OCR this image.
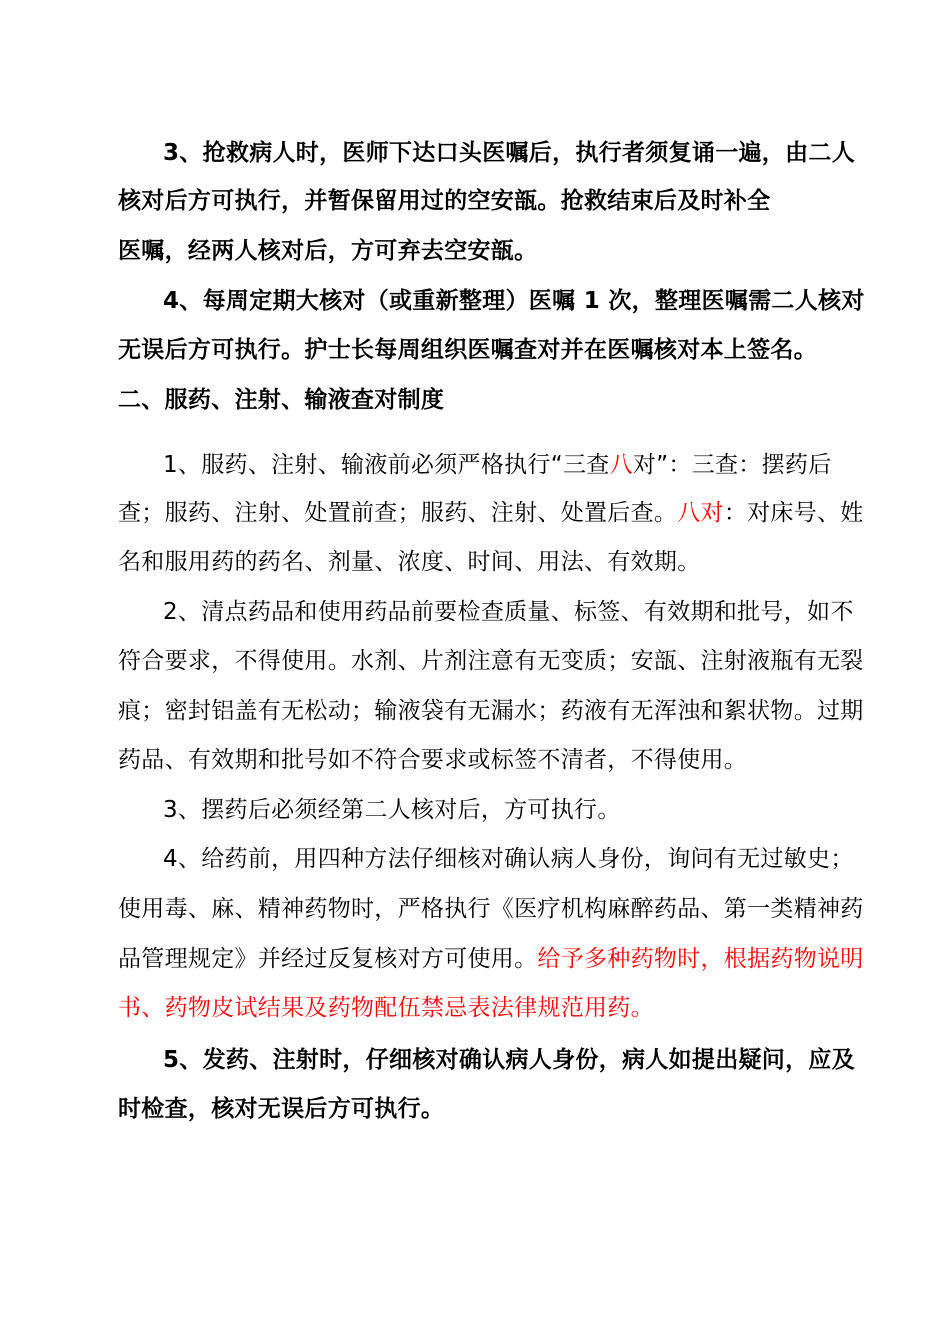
3、抢救病人时，医师下达口头医嘱后，执行者须复诵一遍，由二人
核对后方可执行，并暂保留用过的空安瓿。抢救结束后及时补全
医嘱，经两人核对后，方可弃去空安瓿。
4、每周定期大核对（或重新整理）医嘱 1 次，整理医嘱需二人核对
无误后方可执行。护士长每周组织医嘱查对并在医嘱核对本上签名。
二、服药、注射、输液查对制度
1、服药、注射、输液前必须严格执行“三查八对”：三查：摆药后
查；服药、注射、处置前查；服药、注射、处置后查。八对：对床号、姓
名和服用药的药名、剂量、浓度、时间、用法、有效期。
2、清点药品和使用药品前要检查质量、标签、有效期和批号，如不
符合要求，不得使用。水剂、片剂注意有无变质；安瓿、注射液瓶有无裂
痕；密封铝盖有无松动；输液袋有无漏水；药液有无浑浊和絮状物。过期
药品、有效期和批号如不符合要求或标签不清者，不得使用。
3、摆药后必须经第二人核对后，方可执行。
4、给药前，用四种方法仔细核对确认病人身份，询问有无过敏史；
使用毒、麻、精神药物时，严格执行《医疗机构麻醉药品、第一类精神药
品管理规定》并经过反复核对方可使用。给予多种药物时，根据药物说明
书、药物皮试结果及药物配伍禁忌表法律规范用药。
5、发药、注射时，仔细核对确认病人身份，病人如提出疑问，应及
时检查，核对无误后方可执行。
